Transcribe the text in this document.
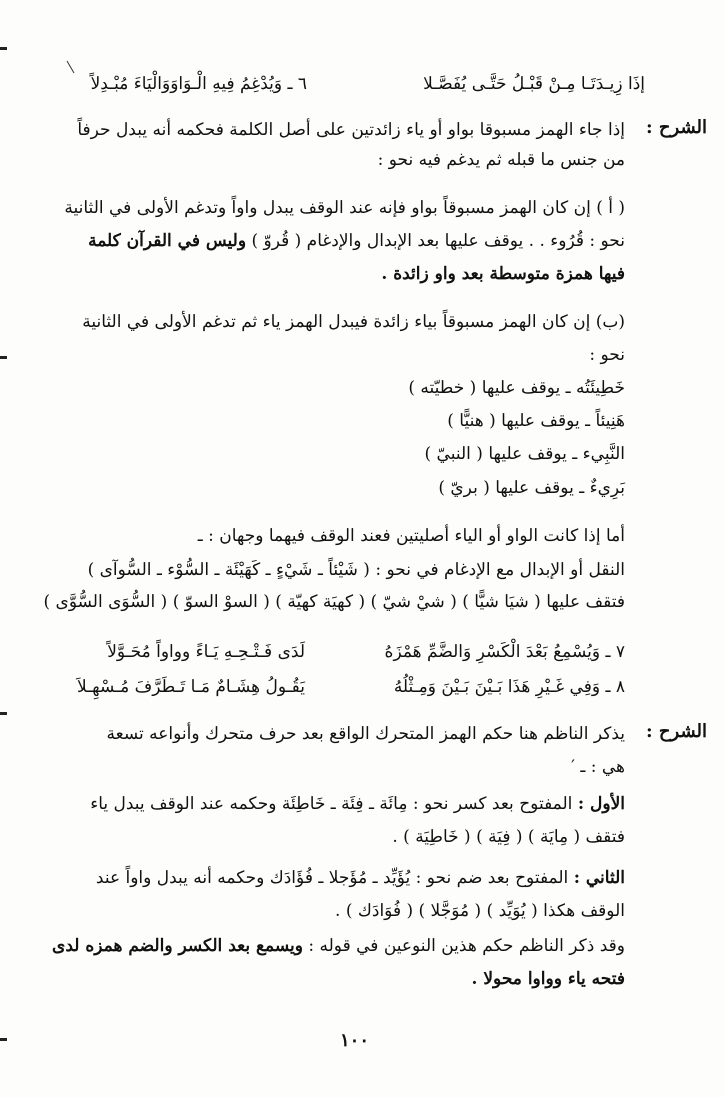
٦ ـ وَيُدْغِمُ فِيهِ الْـوَاوَوَالْيَاءَ مُبْـدِلاً	إذَا زِيـدَتَـا مِـنْ قَبْـلُ حَتَّـى يُفَصَّـلا
الشرح :
إذا جاء الهمز مسبوقا بواو أو ياء زائدتين على أصل الكلمة فحكمه أنه يبدل حرفاً
من جنس ما قبله ثم يدغم فيه نحو :
( أ ) إن كان الهمز مسبوقاً بواو فإنه عند الوقف يبدل واواً وتدغم الأولى في الثانية
نحو : قُرُوء . . يوقف عليها بعد الإبدال والإدغام ( قُروّ ) وليس في القرآن كلمة
فيها همزة متوسطة بعد واو زائدة .
(ب) إن كان الهمز مسبوقاً بياء زائدة فيبدل الهمز ياء ثم تدغم الأولى في الثانية
نحو :
خَطِيئَتُه ـ يوقف عليها ( خطيّته )
هَنِيئاً ـ يوقف عليها ( هنيًّا )
النَّبِيء ـ يوقف عليها ( النبيّ )
بَرِيءٌ ـ يوقف عليها ( بريّ )
أما إذا كانت الواو أو الياء أصليتين فعند الوقف فيهما وجهان : ـ
النقل أو الإبدال مع الإدغام في نحو : ( شَيْئاً ـ شَيْءٍ ـ كَهَيْئَة ـ السُّوْء ـ السُّوآى )
فتقف عليها ( شيَا شيًّا ) ( شيْ شيّ ) ( كهيَة كهيّة ) ( السوْ السوّ ) ( السُّوَى السُّوَّى )
٧ ـ وَيُسْمِعُ بَعْدَ الْكَسْرِ وَالضَّمِّ هَمْزَهُ
لَدَى فَـتْـحِـهِ يَـاءً وواواً مُحَـوَّلاً
٨ ـ وَفِي غَـيْرِ هَذَا بَـيْنَ بَـيْنَ وَمِـثْلُهُ
يَقُـولُ هِشَـامٌ مَـا تَـطَرَّفَ مُـسْهِـلاَ
الشرح :
يذكر الناظم هنا حكم الهمز المتحرك الواقع بعد حرف متحرك وأنواعه تسعة
هي : ـ ′
الأول : المفتوح بعد كسر نحو : مِائَة ـ فِئَة ـ خَاطِئَة وحكمه عند الوقف يبدل ياء
فتقف ( مِايَة ) ( فِيَة ) ( خَاطِيَة ) .
الثاني : المفتوح بعد ضم نحو : يُؤَيِّد ـ مُؤَجلا ـ فُؤَادَك وحكمه أنه يبدل واواً عند
الوقف هكذا ( يُوَيِّد ) ( مُوَجَّلا ) ( فُوَادَك ) .
وقد ذكر الناظم حكم هذين النوعين في قوله : ويسمع بعد الكسر والضم همزه لدى
فتحه ياء وواوا محولا .
١٠٠
